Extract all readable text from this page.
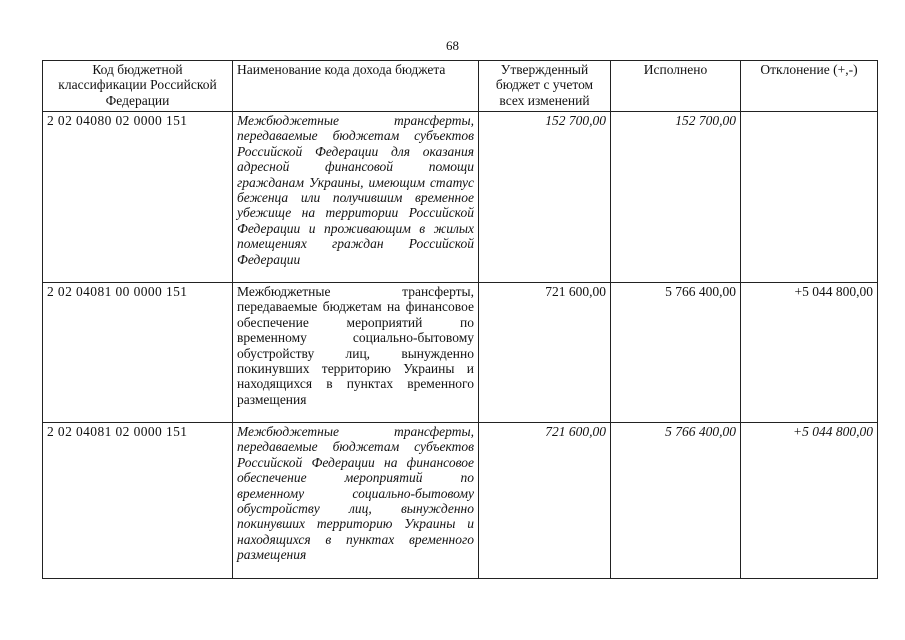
68
Код бюджетной классификации Российской Федерации	Наименование кода дохода бюджета	Утвержденный бюджет с учетом всех изменений	Исполнено	Отклонение (+,-)
2 02 04080 02 0000 151	Межбюджетные трансферты, передаваемые бюджетам субъектов Российской Федерации для оказания адресной финансовой помощи гражданам Украины, имеющим статус беженца или получившим временное убежище на территории Российской Федерации и проживающим в жилых помещениях граждан Российской Федерации	152 700,00	152 700,00	
2 02 04081 00 0000 151	Межбюджетные трансферты, передаваемые бюджетам на финансовое обеспечение мероприятий по временному социально-бытовому обустройству лиц, вынужденно покинувших территорию Украины и находящихся в пунктах временного размещения	721 600,00	5 766 400,00	+5 044 800,00
2 02 04081 02 0000 151	Межбюджетные трансферты, передаваемые бюджетам субъектов Российской Федерации на финансовое обеспечение мероприятий по временному социально-бытовому обустройству лиц, вынужденно покинувших территорию Украины и находящихся в пунктах временного размещения	721 600,00	5 766 400,00	+5 044 800,00
